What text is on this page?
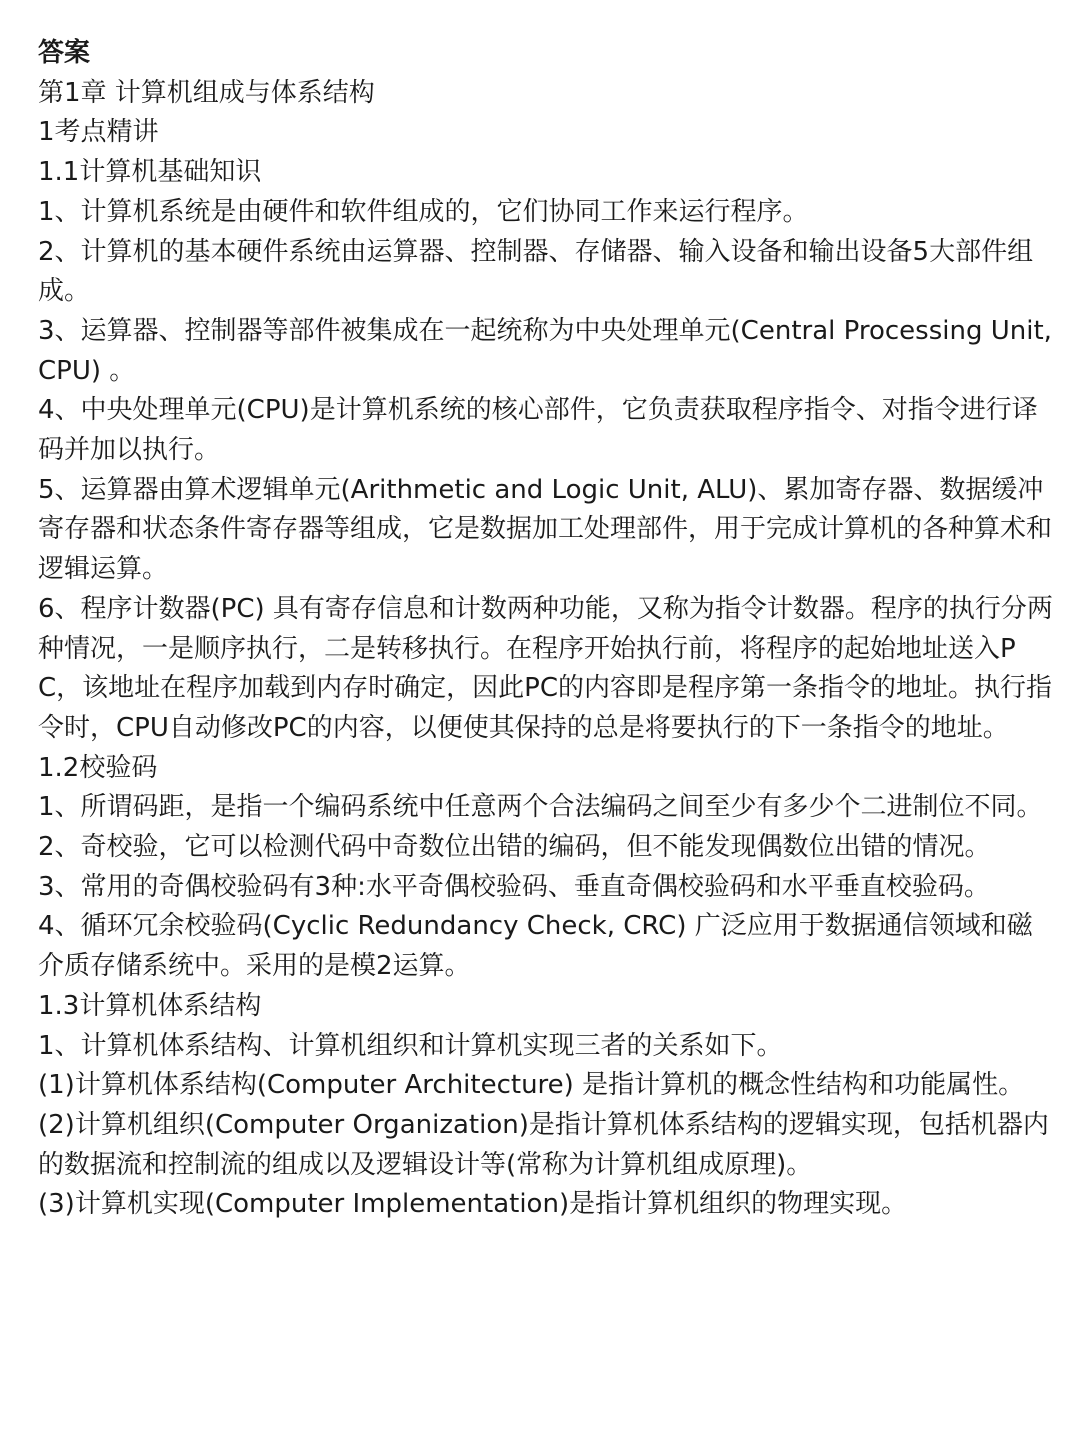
答案

第1章 计算机组成与体系结构

1考点精讲

1.1计算机基础知识

1、计算机系统是由硬件和软件组成的，它们协同工作来运行程序。

2、计算机的基本硬件系统由运算器、控制器、存储器、输入设备和输出设备5大部件组成。

3、运算器、控制器等部件被集成在一起统称为中央处理单元(Central Processing Unit, CPU) 。

4、中央处理单元(CPU)是计算机系统的核心部件，它负责获取程序指令、对指令进行译码并加以执行。

5、运算器由算术逻辑单元(Arithmetic and Logic Unit, ALU)、累加寄存器、数据缓冲寄存器和状态条件寄存器等组成，它是数据加工处理部件，用于完成计算机的各种算术和逻辑运算。

6、程序计数器(PC) 具有寄存信息和计数两种功能，又称为指令计数器。程序的执行分两种情况，一是顺序执行，二是转移执行。在程序开始执行前，将程序的起始地址送入PC，该地址在程序加载到内存时确定，因此PC的内容即是程序第一条指令的地址。执行指令时，CPU自动修改PC的内容，以便使其保持的总是将要执行的下一条指令的地址。

1.2校验码

1、所谓码距，是指一个编码系统中任意两个合法编码之间至少有多少个二进制位不同。

2、奇校验，它可以检测代码中奇数位出错的编码，但不能发现偶数位出错的情况。

3、常用的奇偶校验码有3种:水平奇偶校验码、垂直奇偶校验码和水平垂直校验码。

4、循环冗余校验码(Cyclic Redundancy Check, CRC) 广泛应用于数据通信领域和磁介质存储系统中。采用的是模2运算。

1.3计算机体系结构

1、计算机体系结构、计算机组织和计算机实现三者的关系如下。

(1)计算机体系结构(Computer Architecture) 是指计算机的概念性结构和功能属性。

(2)计算机组织(Computer Organization)是指计算机体系结构的逻辑实现，包括机器内的数据流和控制流的组成以及逻辑设计等(常称为计算机组成原理)。

(3)计算机实现(Computer Implementation)是指计算机组织的物理实现。
